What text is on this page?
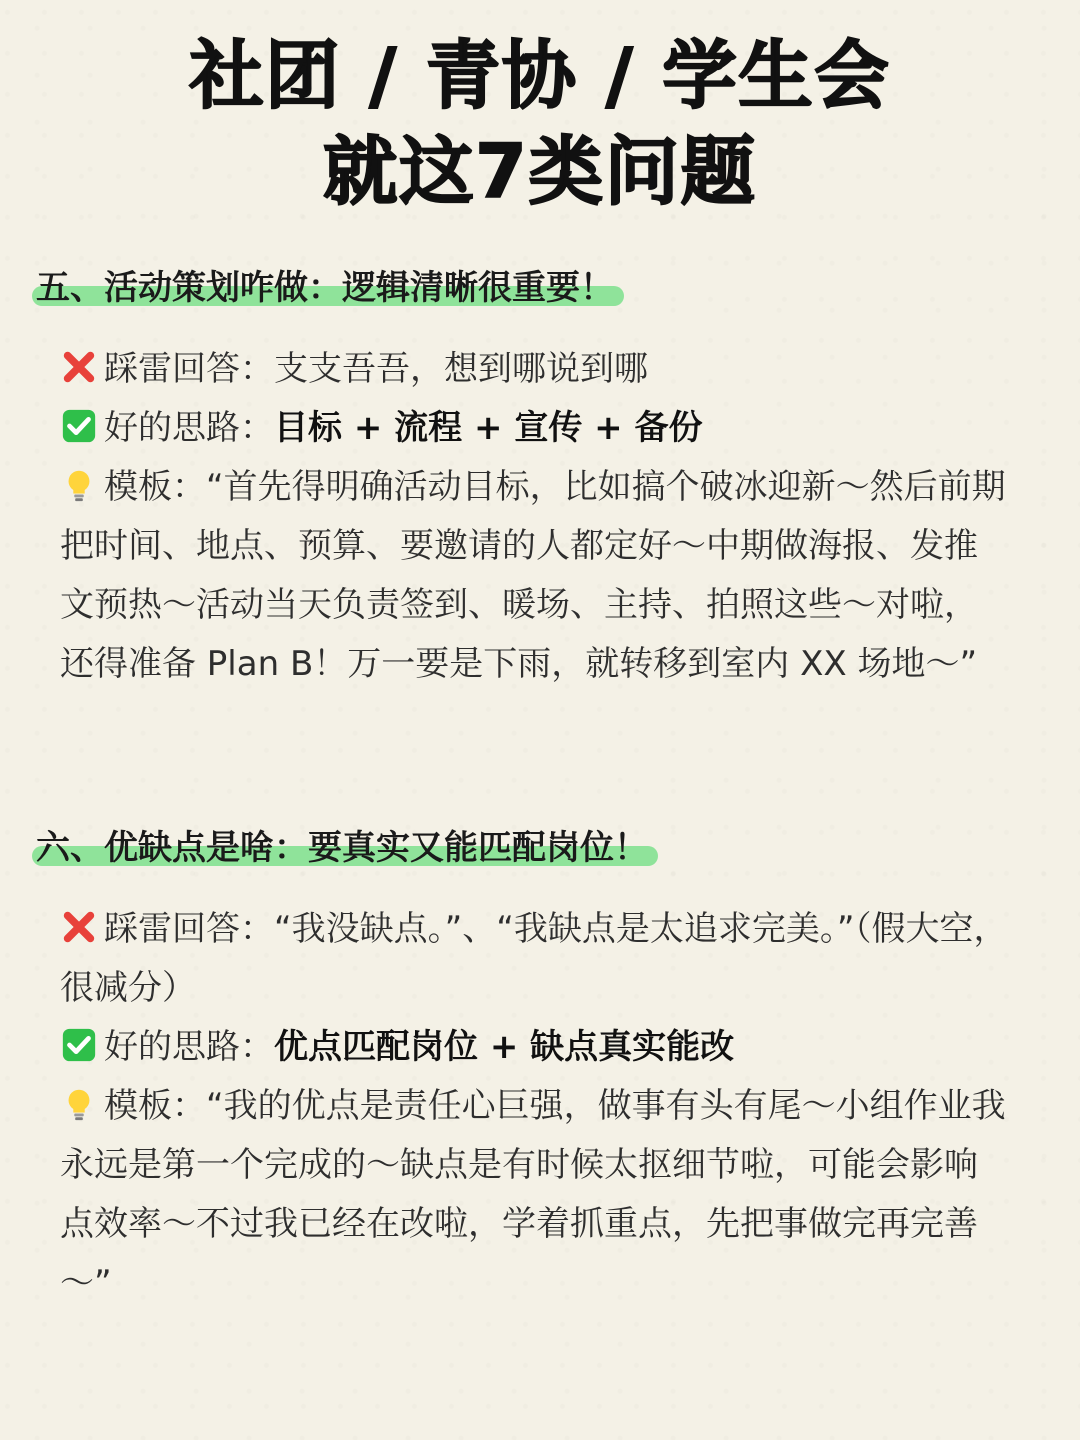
社团 / 青协 / 学生会
就这7类问题
五、活动策划咋做：逻辑清晰很重要！
踩雷回答：支支吾吾，想到哪说到哪
好的思路：目标 + 流程 + 宣传 + 备份
模板：“首先得明确活动目标，比如搞个破冰迎新～然后前期把时间、地点、预算、要邀请的人都定好～中期做海报、发推文预热～活动当天负责签到、暖场、主持、拍照这些～对啦，还得准备 Plan B！万一要是下雨，就转移到室内 XX 场地～”
六、优缺点是啥：要真实又能匹配岗位！
踩雷回答：“我没缺点。”、“我缺点是太追求完美。”（假大空，很减分）
好的思路：优点匹配岗位 + 缺点真实能改
模板：“我的优点是责任心巨强，做事有头有尾～小组作业我永远是第一个完成的～缺点是有时候太抠细节啦，可能会影响点效率～不过我已经在改啦，学着抓重点，先把事做完再完善～”
